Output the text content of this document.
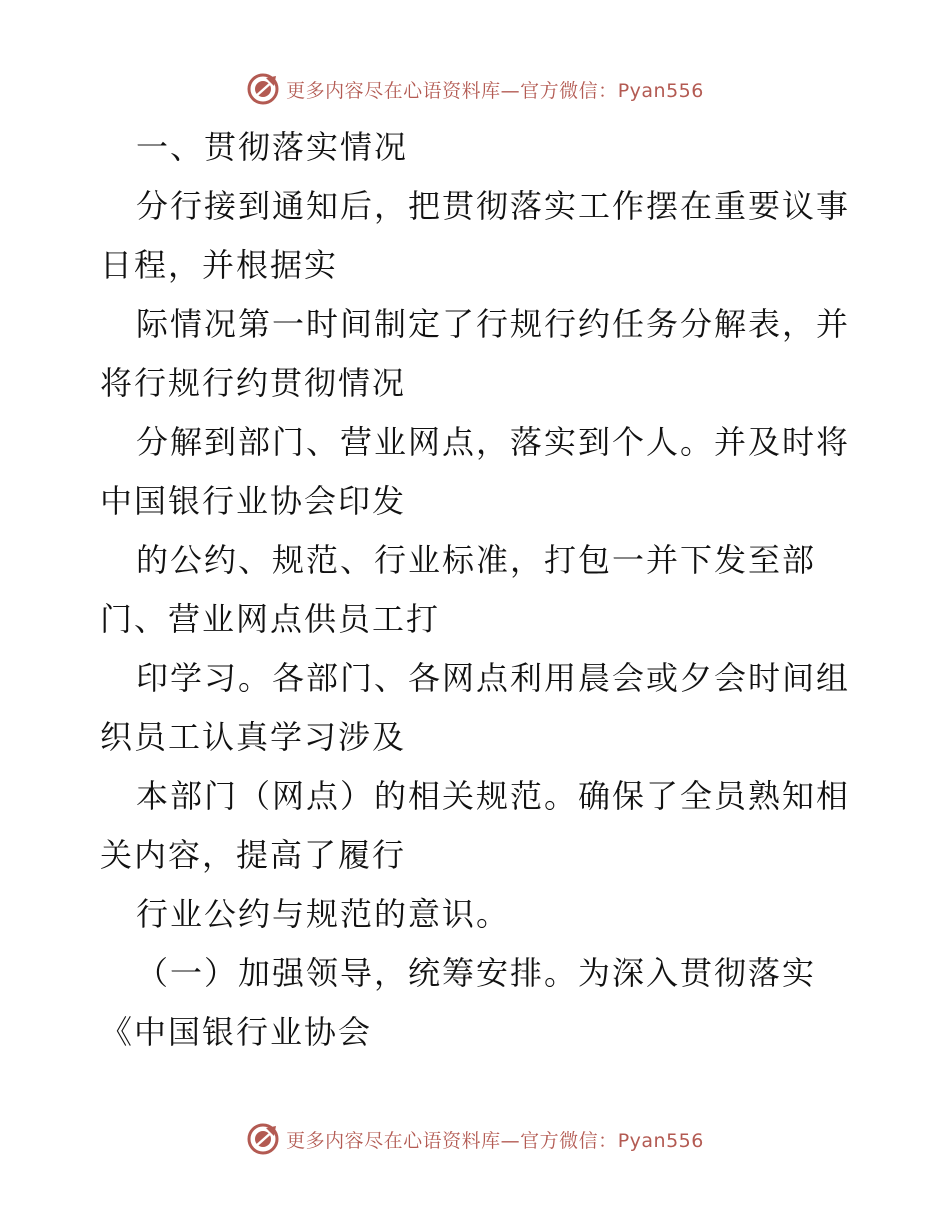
更多内容尽在心语资料库—官方微信：Pyan556
一、贯彻落实情况
分行接到通知后，把贯彻落实工作摆在重要议事
日程，并根据实
际情况第一时间制定了行规行约任务分解表，并
将行规行约贯彻情况
分解到部门、营业网点，落实到个人。并及时将
中国银行业协会印发
的公约、规范、行业标准，打包一并下发至部
门、营业网点供员工打
印学习。各部门、各网点利用晨会或夕会时间组
织员工认真学习涉及
本部门（网点）的相关规范。确保了全员熟知相
关内容，提高了履行
行业公约与规范的意识。
（一）加强领导，统筹安排。为深入贯彻落实
《中国银行业协会
更多内容尽在心语资料库—官方微信：Pyan556
